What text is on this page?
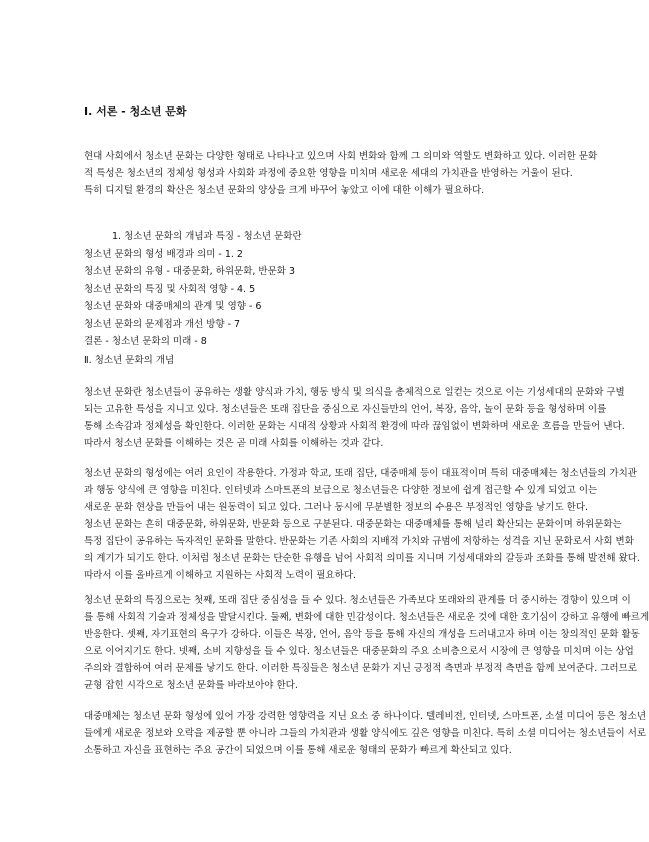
Ⅰ. 서론 - 청소년 문화
현대 사회에서 청소년 문화는 다양한 형태로 나타나고 있으며 사회 변화와 함께 그 의미와 역할도 변화하고 있다. 이러한 문화
적 특성은 청소년의 정체성 형성과 사회화 과정에 중요한 영향을 미치며 새로운 세대의 가치관을 반영하는 거울이 된다.
특히 디지털 환경의 확산은 청소년 문화의 양상을 크게 바꾸어 놓았고 이에 대한 이해가 필요하다.
1. 청소년 문화의 개념과 특징 - 청소년 문화란
청소년 문화의 형성 배경과 의미 - 1. 2
청소년 문화의 유형 - 대중문화, 하위문화, 반문화 3
청소년 문화의 특징 및 사회적 영향 - 4. 5
청소년 문화와 대중매체의 관계 및 영향 - 6
청소년 문화의 문제점과 개선 방향 - 7
결론 - 청소년 문화의 미래 - 8
Ⅱ. 청소년 문화의 개념
청소년 문화란 청소년들이 공유하는 생활 양식과 가치, 행동 방식 및 의식을 총체적으로 일컫는 것으로 이는 기성세대의 문화와 구별
되는 고유한 특성을 지니고 있다. 청소년들은 또래 집단을 중심으로 자신들만의 언어, 복장, 음악, 놀이 문화 등을 형성하며 이를
통해 소속감과 정체성을 확인한다. 이러한 문화는 시대적 상황과 사회적 환경에 따라 끊임없이 변화하며 새로운 흐름을 만들어 낸다.
따라서 청소년 문화를 이해하는 것은 곧 미래 사회를 이해하는 것과 같다.
청소년 문화의 형성에는 여러 요인이 작용한다. 가정과 학교, 또래 집단, 대중매체 등이 대표적이며 특히 대중매체는 청소년들의 가치관
과 행동 양식에 큰 영향을 미친다. 인터넷과 스마트폰의 보급으로 청소년들은 다양한 정보에 쉽게 접근할 수 있게 되었고 이는
새로운 문화 현상을 만들어 내는 원동력이 되고 있다. 그러나 동시에 무분별한 정보의 수용은 부정적인 영향을 낳기도 한다.
청소년 문화는 흔히 대중문화, 하위문화, 반문화 등으로 구분된다. 대중문화는 대중매체를 통해 널리 확산되는 문화이며 하위문화는
특정 집단이 공유하는 독자적인 문화를 말한다. 반문화는 기존 사회의 지배적 가치와 규범에 저항하는 성격을 지닌 문화로서 사회 변화
의 계기가 되기도 한다. 이처럼 청소년 문화는 단순한 유행을 넘어 사회적 의미를 지니며 기성세대와의 갈등과 조화를 통해 발전해 왔다.
따라서 이를 올바르게 이해하고 지원하는 사회적 노력이 필요하다.
청소년 문화의 특징으로는 첫째, 또래 집단 중심성을 들 수 있다. 청소년들은 가족보다 또래와의 관계를 더 중시하는 경향이 있으며 이
를 통해 사회적 기술과 정체성을 발달시킨다. 둘째, 변화에 대한 민감성이다. 청소년들은 새로운 것에 대한 호기심이 강하고 유행에 빠르게
반응한다. 셋째, 자기표현의 욕구가 강하다. 이들은 복장, 언어, 음악 등을 통해 자신의 개성을 드러내고자 하며 이는 창의적인 문화 활동
으로 이어지기도 한다. 넷째, 소비 지향성을 들 수 있다. 청소년들은 대중문화의 주요 소비층으로서 시장에 큰 영향을 미치며 이는 상업
주의와 결합하여 여러 문제를 낳기도 한다. 이러한 특징들은 청소년 문화가 지닌 긍정적 측면과 부정적 측면을 함께 보여준다. 그러므로
균형 잡힌 시각으로 청소년 문화를 바라보아야 한다.
대중매체는 청소년 문화 형성에 있어 가장 강력한 영향력을 지닌 요소 중 하나이다. 텔레비전, 인터넷, 스마트폰, 소셜 미디어 등은 청소년
들에게 새로운 정보와 오락을 제공할 뿐 아니라 그들의 가치관과 생활 양식에도 깊은 영향을 미친다. 특히 소셜 미디어는 청소년들이 서로
소통하고 자신을 표현하는 주요 공간이 되었으며 이를 통해 새로운 형태의 문화가 빠르게 확산되고 있다.
